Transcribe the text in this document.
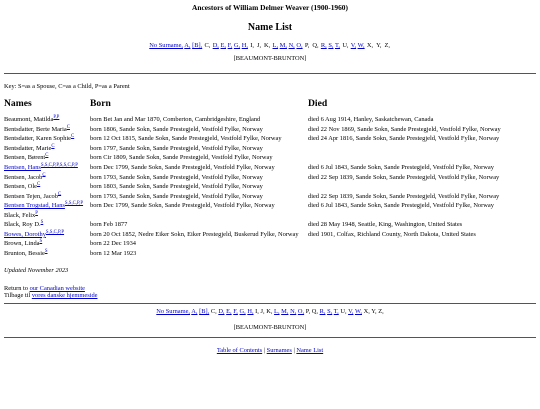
Ancestors of William Delmer Weaver (1900-1960)
Name List
No Surname, A, [B], C, D, E, F, G, H, I, J, K, L, M, N, O, P, Q, R, S, T, U, V, W, X, Y, Z,
[BEAUMONT-BRUNTON]
Key: S=as a Spouse, C=as a Child, P=as a Parent
Names	Born	Died
Beaumont, Matilda$^{P,P}$	born Bet Jan and Mar 1870, Comberton, Cambridgeshire, England	died 6 Aug 1914, Hanley, Saskatchewan, Canada
Bentsdatter, Berte Maria$^C$	born 1806, Sande Sokn, Sande Prestegjeld, Vestfold Fylke, Norway	died 22 Nov 1869, Sande Sokn, Sande Prestegjeld, Vestfold Fylke, Norway
Bentsdatter, Karen Sophie$^C$	born 12 Oct 1815, Sande Sokn, Sande Prestegjeld, Vestfold Fylke, Norway	died 24 Apr 1816, Sande Sokn, Sande Prestegjeld, Vestfold Fylke, Norway
Bentsdatter, Marie$^C$	born 1797, Sande Sokn, Sande Prestegjeld, Vestfold Fylke, Norway	
Bentsen, Børent$^C$	born Cir 1809, Sande Sokn, Sande Prestegjeld, Vestfold Fylke, Norway	
Bentsen, Hans$^{S,S,C,P,P,S,S,C,P,P}$	born Dec 1799, Sande Sokn, Sande Prestegjeld, Vestfold Fylke, Norway	died 6 Jul 1843, Sande Sokn, Sande Prestegjeld, Vestfold Fylke, Norway
Bentsen, Jacob$^C$	born 1793, Sande Sokn, Sande Prestegjeld, Vestfold Fylke, Norway	died 22 Sep 1839, Sande Sokn, Sande Prestegjeld, Vestfold Fylke, Norway
Bentsen, Ole$^C$	born 1803, Sande Sokn, Sande Prestegjeld, Vestfold Fylke, Norway	
Bentsen Tejen, Jacob$^C$	born 1793, Sande Sokn, Sande Prestegjeld, Vestfold Fylke, Norway	died 22 Sep 1839, Sande Sokn, Sande Prestegjeld, Vestfold Fylke, Norway
Bentsen Trogstad, Hans$^{S,S,C,P,P}$	born Dec 1799, Sande Sokn, Sande Prestegjeld, Vestfold Fylke, Norway	died 6 Jul 1843, Sande Sokn, Sande Prestegjeld, Vestfold Fylke, Norway
Black, Felix$^P$		
Black, Roy D.$^S$	born Feb 1877	died 28 May 1948, Seattle, King, Washington, United States
Bowes, Dorothy$^{S,S,C,P,P}$	born 20 Oct 1852, Nedre Eiker Sokn, Eiker Prestegjeld, Buskerud Fylke, Norway	died 1901, Colfax, Richland County, North Dakota, United States
Brown, Linda$^S$	born 22 Dec 1934	
Brunton, Bessie$^S$	born 12 Mar 1923	
Updated November 2023
Return to our Canadian website
Tilbage til vores danske hjemmeside
No Surname, A, [B], C, D, E, F, G, H, I, J, K, L, M, N, O, P, Q, R, S, T, U, V, W, X, Y, Z,
[BEAUMONT-BRUNTON]
Table of Contents | Surnames | Name List
